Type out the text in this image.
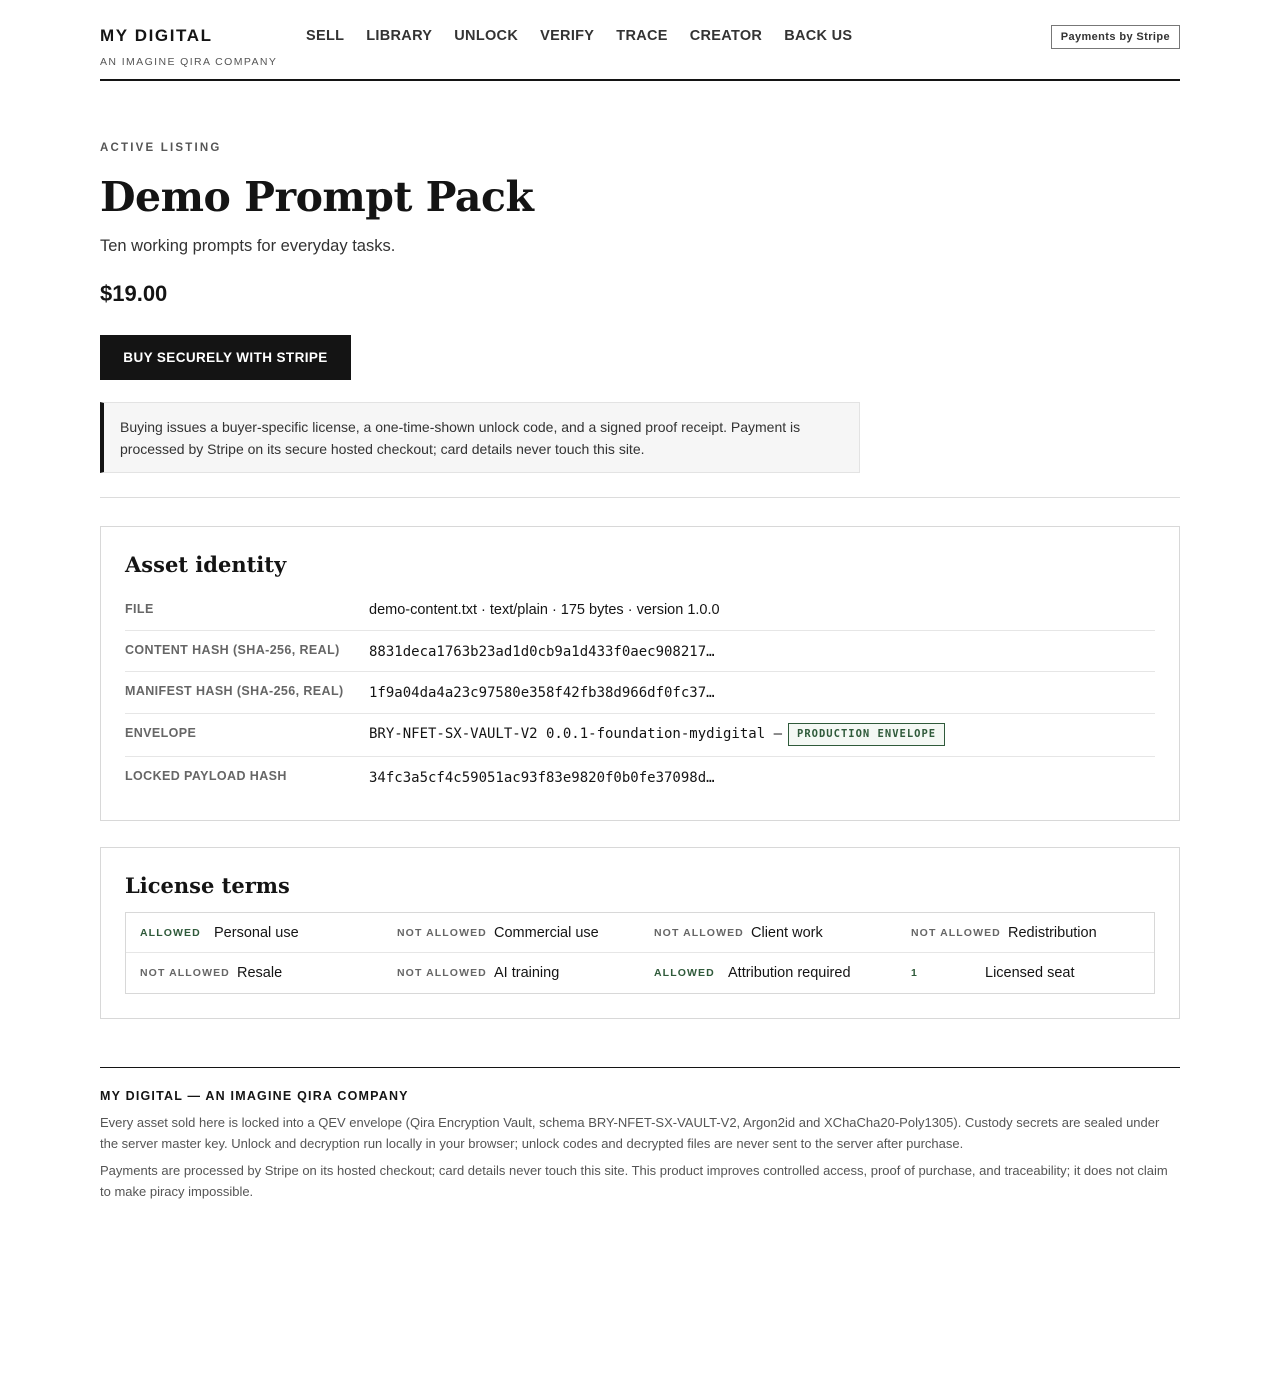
MY DIGITAL
AN IMAGINE QIRA COMPANY
SELL LIBRARY UNLOCK VERIFY TRACE CREATOR BACK US	Payments by Stripe
ACTIVE LISTING
Demo Prompt Pack

Ten working prompts for everyday tasks.

$19.00
BUY SECURELY WITH STRIPE
Buying issues a buyer-specific license, a one-time-shown unlock code, and a signed proof receipt. Payment is processed by Stripe on its secure hosted checkout; card details never touch this site.
Asset identity
FILE	demo-content.txt · text/plain · 175 bytes · version 1.0.0
CONTENT HASH (SHA-256, REAL) 8831deca1763b23ad1d0cb9a1d433f0aec908217…
MANIFEST HASH (SHA-256, REAL) 1f9a04da4a23c97580e358f42fb38d966df0fc37…
ENVELOPE	BRY-NFET-SX-VAULT-V2 0.0.1-foundation-mydigital — PRODUCTION ENVELOPE
LOCKED PAYLOAD HASH	34fc3a5cf4c59051ac93f83e9820f0b0fe37098d…
License terms
ALLOWED Personal use	NOT ALLOWED Commercial use	NOT ALLOWED Client work	NOT ALLOWED Redistribution
NOT ALLOWED Resale	NOT ALLOWED AI training	ALLOWED Attribution required	1	Licensed seat
MY DIGITAL — AN IMAGINE QIRA COMPANY

Every asset sold here is locked into a QEV envelope (Qira Encryption Vault, schema BRY-NFET-SX-VAULT-V2, Argon2id and XChaCha20-Poly1305). Custody secrets are sealed under the server master key. Unlock and decryption run locally in your browser; unlock codes and decrypted files are never sent to the server after purchase.

Payments are processed by Stripe on its hosted checkout; card details never touch this site. This product improves controlled access, proof of purchase, and traceability; it does not claim to make piracy impossible.
